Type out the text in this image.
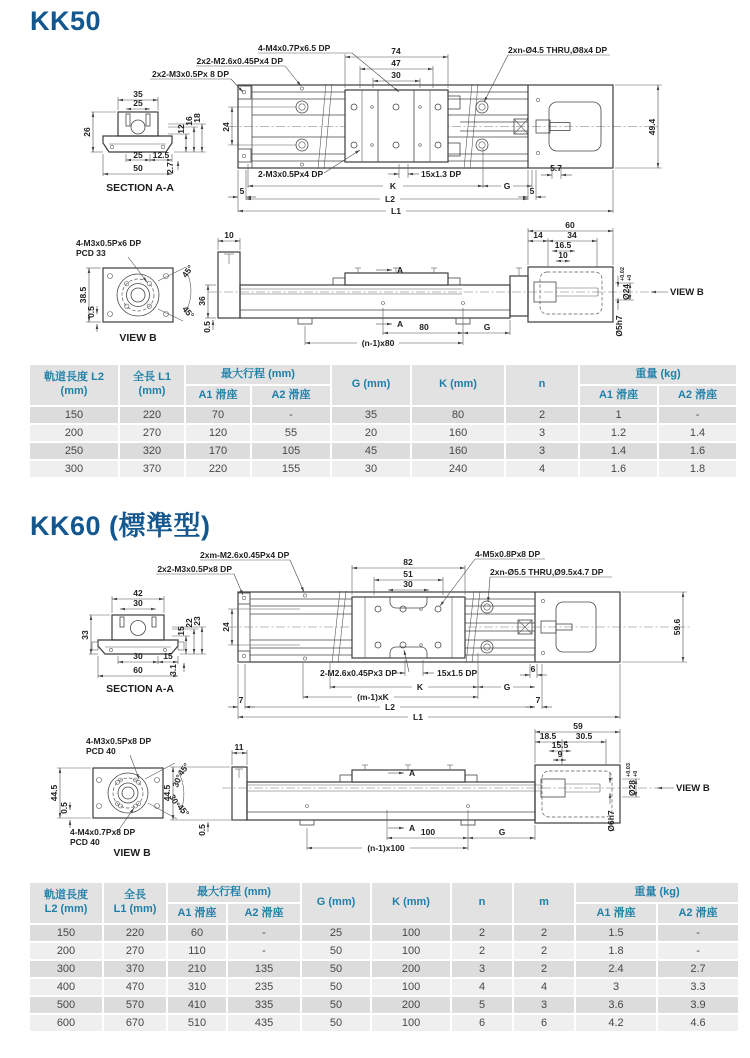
KK50
35
25
26	12
16
18
25 12.5
2.7
50
SECTION A-A
74
47
30
4-M4x0.7Px6.5 DP
2x2-M2.6x0.45Px4 DP
2x2-M3x0.5Px 8 DP
2xn-Ø4.5 THRU,Ø8x4 DP
24	49.4
2-M3x0.5Px4 DP	15x1.3 DP
5.7
K	G
5	5
L2
L1
38.5
0.5
45°
45°
4-M3x0.5Px6 DP
PCD 33
VIEW B
10
36
0.5
60
14	34
16.5
10
Ø24
+0.02 +0
VIEW B
Ø5h7
A
A 80	G
(n-1)x80
軌道長度 L2
(mm)

全長 L1
(mm)
	最大行程 (mm)	G (mm)	K (mm)	n	重量 (kg)
		A1 滑座	A2 滑座				A1 滑座	A2 滑座
150	220	70	-	35	80	2	1	-
200	270	120	55	20	160	3	1.2	1.4
250	320	170	105	45	160	3	1.4	1.6
300	370	220	155	30	240	4	1.6	1.8
KK60 (標準型)
42
30
33	15
22
23
30 15
3.1
60
SECTION A-A
82
51
30
2xm-M2.6x0.45Px4 DP
2x2-M3x0.5Px8 DP
4-M5x0.8Px8 DP
2xn-Ø5.5 THRU,Ø9.5x4.7 DP
24	59.6
2-M2.6x0.45Px3 DP	15x1.5 DP	6
K	G
(m-1)xK
7	7
L2
L1
44.5
0.5
45°
30°
30°
45°
4-M3x0.5Px8 DP
PCD 40
4-M4x0.7Px8 DP
PCD 40
VIEW B
11
44.5
0.5
59
18.5 30.5
15.5
9
Ø28
+0.03 +0
VIEW B
Ø6h7
A
A 100	G
(n-1)x100
軌道長度
L2 (mm)

全長
L1 (mm)
	最大行程 (mm)	G (mm)	K (mm)	n	m	重量 (kg)
		A1 滑座	A2 滑座					A1 滑座	A2 滑座
150	220	60	-	25	100	2	2	1.5	-
200	270	110	-	50	100	2	2	1.8	-
300	370	210	135	50	200	3	2	2.4	2.7
400	470	310	235	50	100	4	4	3	3.3
500	570	410	335	50	200	5	3	3.6	3.9
600	670	510	435	50	100	6	6	4.2	4.6
